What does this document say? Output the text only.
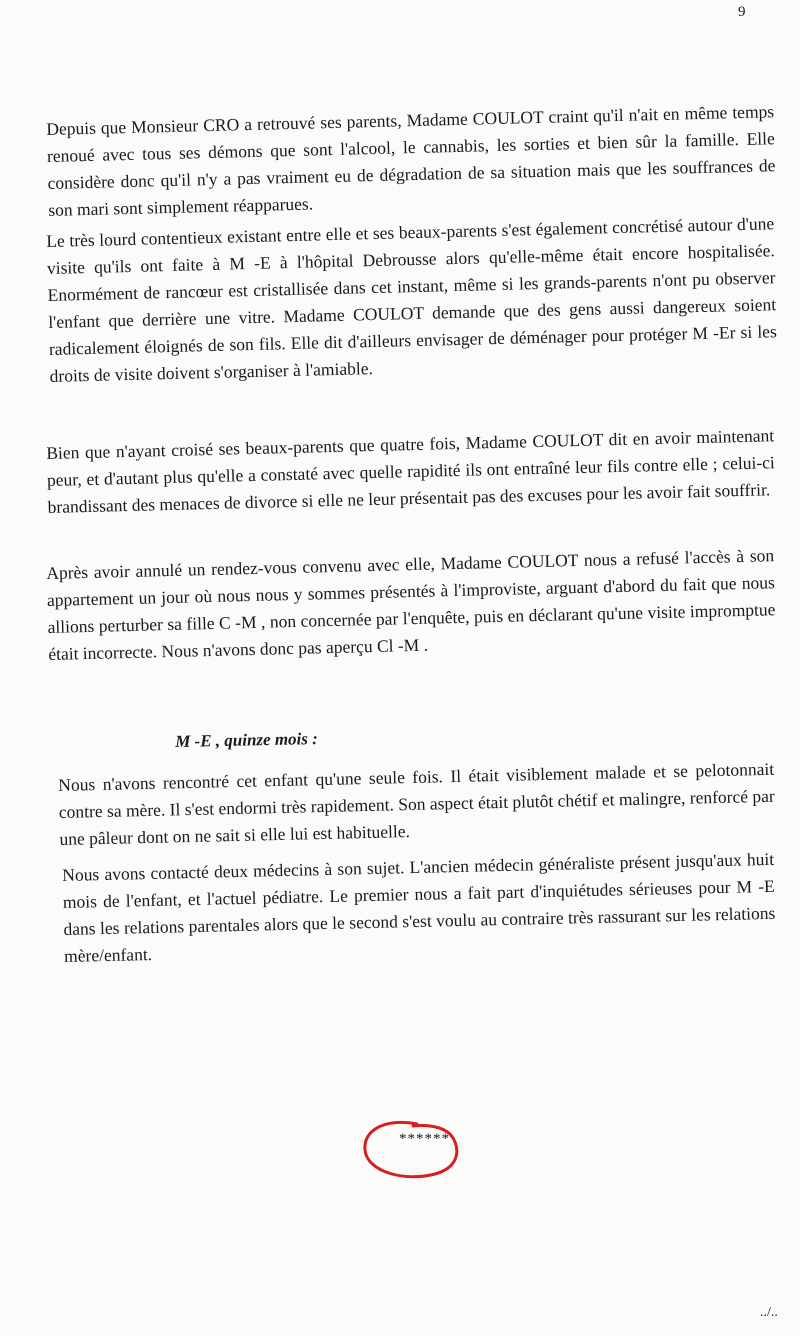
9

Depuis que Monsieur CRO a retrouvé ses parents, Madame COULOT craint qu'il n'ait en même temps renoué avec tous ses démons que sont l'alcool, le cannabis, les sorties et bien sûr la famille. Elle considère donc qu'il n'y a pas vraiment eu de dégradation de sa situation mais que les souffrances de son mari sont simplement réapparues.

Le très lourd contentieux existant entre elle et ses beaux-parents s'est également concrétisé autour d'une visite qu'ils ont faite à M -E à l'hôpital Debrousse alors qu'elle-même était encore hospitalisée. Enormément de rancœur est cristallisée dans cet instant, même si les grands-parents n'ont pu observer l'enfant que derrière une vitre. Madame COULOT demande que des gens aussi dangereux soient radicalement éloignés de son fils. Elle dit d'ailleurs envisager de déménager pour protéger M -Er si les droits de visite doivent s'organiser à l'amiable.

Bien que n'ayant croisé ses beaux-parents que quatre fois, Madame COULOT dit en avoir maintenant peur, et d'autant plus qu'elle a constaté avec quelle rapidité ils ont entraîné leur fils contre elle ; celui-ci brandissant des menaces de divorce si elle ne leur présentait pas des excuses pour les avoir fait souffrir.

Après avoir annulé un rendez-vous convenu avec elle, Madame COULOT nous a refusé l'accès à son appartement un jour où nous nous y sommes présentés à l'improviste, arguant d'abord du fait que nous allions perturber sa fille C -M , non concernée par l'enquête, puis en déclarant qu'une visite impromptue était incorrecte. Nous n'avons donc pas aperçu Cl -M .

M -E , quinze mois :

Nous n'avons rencontré cet enfant qu'une seule fois. Il était visiblement malade et se pelotonnait contre sa mère. Il s'est endormi très rapidement. Son aspect était plutôt chétif et malingre, renforcé par une pâleur dont on ne sait si elle lui est habituelle.

Nous avons contacté deux médecins à son sujet. L'ancien médecin généraliste présent jusqu'aux huit mois de l'enfant, et l'actuel pédiatre. Le premier nous a fait part d'inquiétudes sérieuses pour M -E dans les relations parentales alors que le second s'est voulu au contraire très rassurant sur les relations mère/enfant.

******
../..
